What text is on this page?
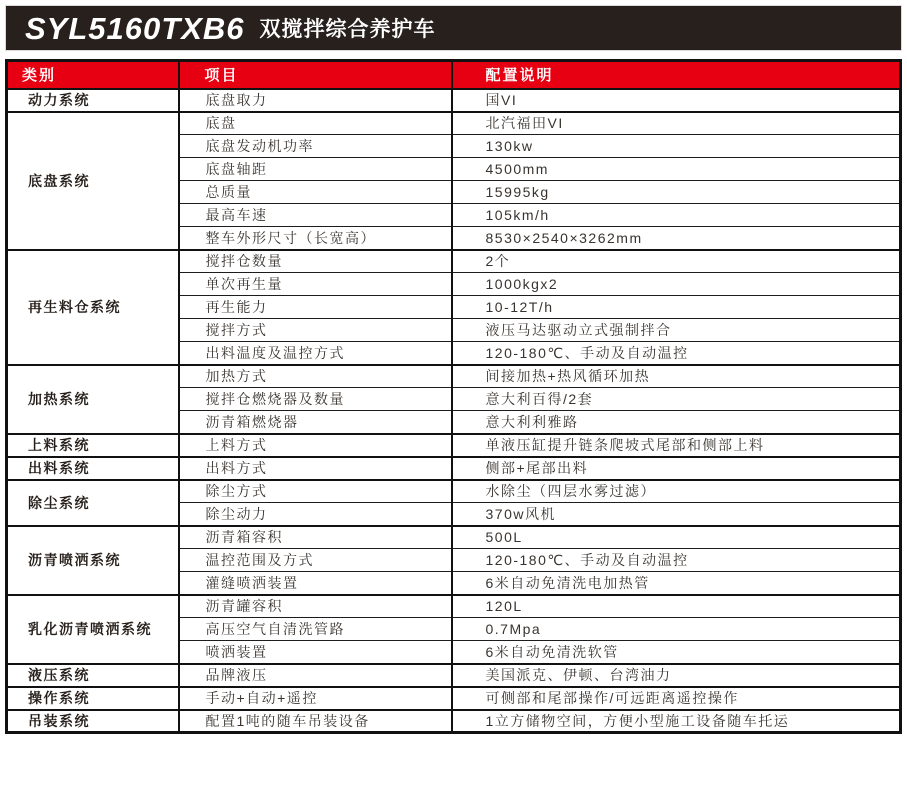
SYL5160TXB6 双搅拌综合养护车
类别	项目	配置说明
动力系统	底盘取力	国VI
底盘系统	底盘	北汽福田VI
	底盘发动机功率	130kw
	底盘轴距	4500mm
	总质量	15995kg
	最高车速	105km/h
	整车外形尺寸（长宽高）	8530×2540×3262mm
再生料仓系统	搅拌仓数量	2个
	单次再生量	1000kgx2
	再生能力	10-12T/h
	搅拌方式	液压马达驱动立式强制拌合
	出料温度及温控方式	120-180℃、手动及自动温控
加热系统	加热方式	间接加热+热风循环加热
	搅拌仓燃烧器及数量	意大利百得/2套
	沥青箱燃烧器	意大利利雅路
上料系统	上料方式	单液压缸提升链条爬坡式尾部和侧部上料
出料系统	出料方式	侧部+尾部出料
除尘系统	除尘方式	水除尘（四层水雾过滤）
	除尘动力	370w风机
沥青喷洒系统	沥青箱容积	500L
	温控范围及方式	120-180℃、手动及自动温控
	灌缝喷洒装置	6米自动免清洗电加热管
乳化沥青喷洒系统	沥青罐容积	120L
	高压空气自清洗管路	0.7Mpa
	喷洒装置	6米自动免清洗软管
液压系统	品牌液压	美国派克、伊顿、台湾油力
操作系统	手动+自动+遥控	可侧部和尾部操作/可远距离遥控操作
吊装系统	配置1吨的随车吊装设备	1立方储物空间，方便小型施工设备随车托运
